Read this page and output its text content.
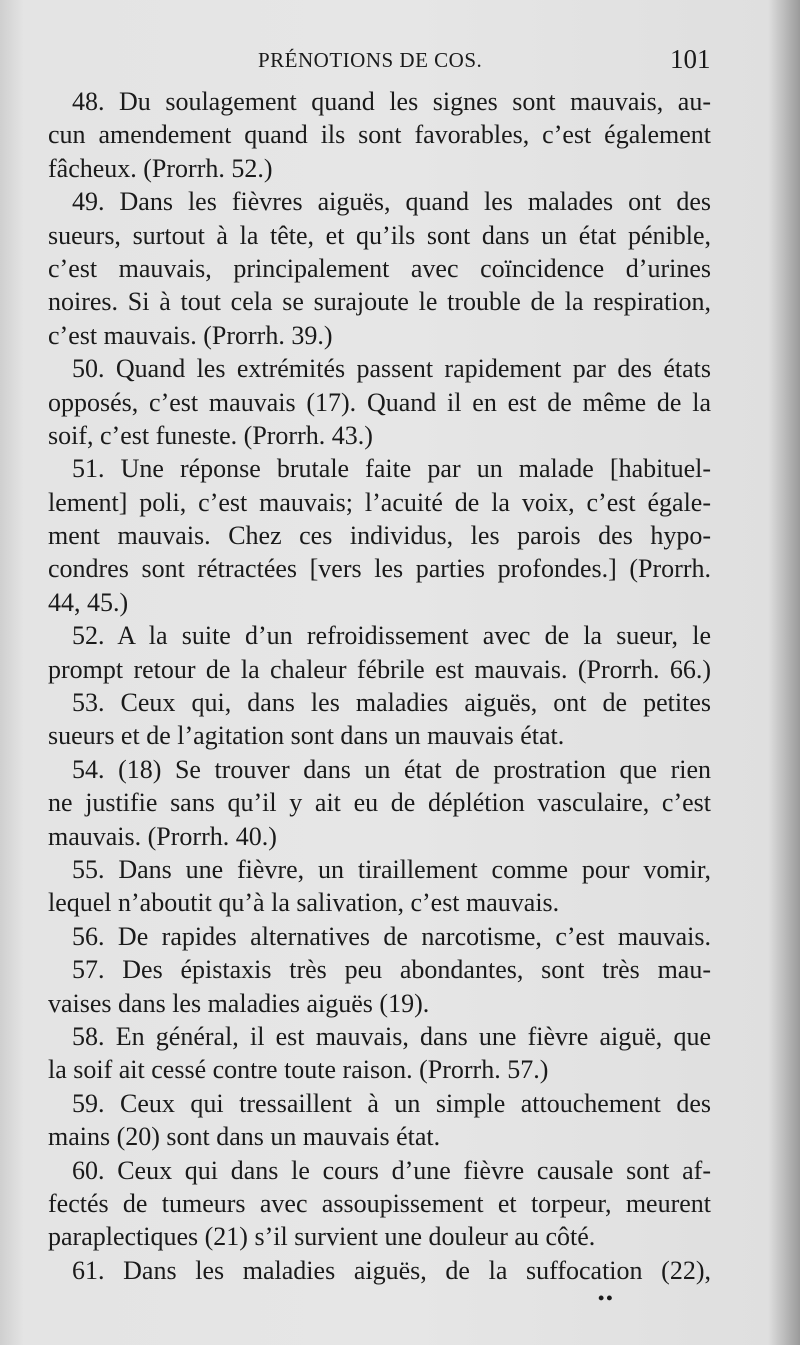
PRÉNOTIONS DE COS.	101
48. Du soulagement quand les signes sont mauvais, au-
cun amendement quand ils sont favorables, c’est également
fâcheux. (Prorrh. 52.)
49. Dans les fièvres aiguës, quand les malades ont des
sueurs, surtout à la tête, et qu’ils sont dans un état pénible,
c’est mauvais, principalement avec coïncidence d’urines
noires. Si à tout cela se surajoute le trouble de la respiration,
c’est mauvais. (Prorrh. 39.)
50. Quand les extrémités passent rapidement par des états
opposés, c’est mauvais (17). Quand il en est de même de la
soif, c’est funeste. (Prorrh. 43.)
51. Une réponse brutale faite par un malade [habituel-
lement] poli, c’est mauvais; l’acuité de la voix, c’est égale-
ment mauvais. Chez ces individus, les parois des hypo-
condres sont rétractées [vers les parties profondes.] (Prorrh.
44, 45.)
52. A la suite d’un refroidissement avec de la sueur, le
prompt retour de la chaleur fébrile est mauvais. (Prorrh. 66.)
53. Ceux qui, dans les maladies aiguës, ont de petites
sueurs et de l’agitation sont dans un mauvais état.
54. (18) Se trouver dans un état de prostration que rien
ne justifie sans qu’il y ait eu de déplétion vasculaire, c’est
mauvais. (Prorrh. 40.)
55. Dans une fièvre, un tiraillement comme pour vomir,
lequel n’aboutit qu’à la salivation, c’est mauvais.
56. De rapides alternatives de narcotisme, c’est mauvais.
57. Des épistaxis très peu abondantes, sont très mau-
vaises dans les maladies aiguës (19).
58. En général, il est mauvais, dans une fièvre aiguë, que
la soif ait cessé contre toute raison. (Prorrh. 57.)
59. Ceux qui tressaillent à un simple attouchement des
mains (20) sont dans un mauvais état.
60. Ceux qui dans le cours d’une fièvre causale sont af-
fectés de tumeurs avec assoupissement et torpeur, meurent
paraplectiques (21) s’il survient une douleur au côté.
61. Dans les maladies aiguës, de la suffocation (22),
••
